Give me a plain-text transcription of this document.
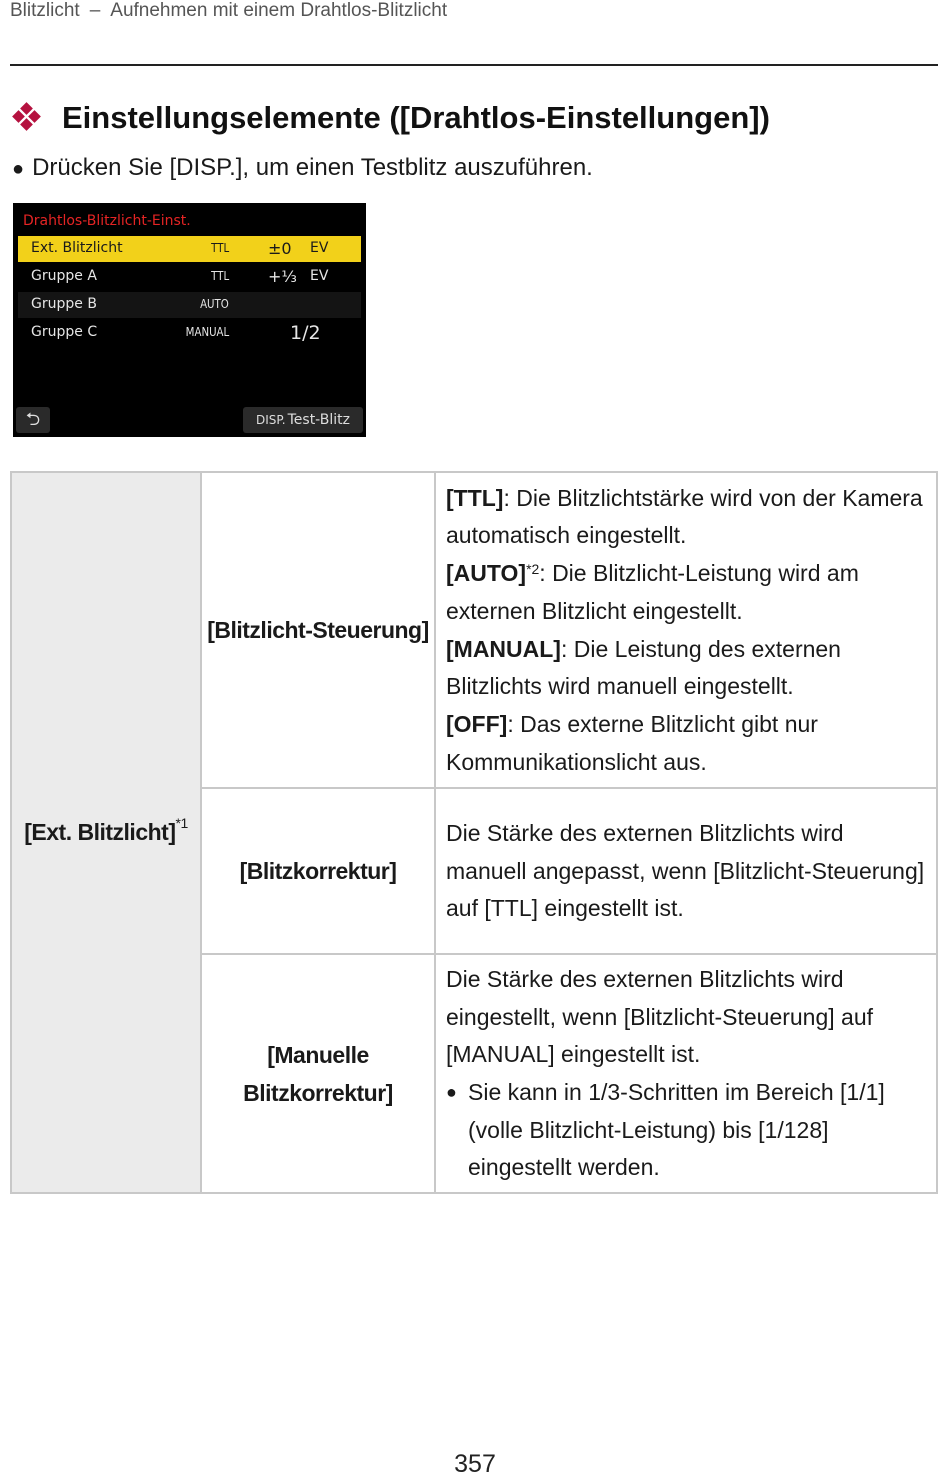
Blitzlicht – Aufnehmen mit einem Drahtlos-Blitzlicht
Einstellungselemente ([Drahtlos-Einstellungen])
● Drücken Sie [DISP.], um einen Testblitz auszuführen.
Drahtlos-Blitzlicht-Einst.
Ext. Blitzlicht	TTL ±0 EV
Gruppe A	TTL +⅓ EV
Gruppe B	AUTO
Gruppe C	MANUAL	1/2
⮌	DISP. Test-Blitz
[Ext. Blitzlicht]$^{*1}$	[Blitzlicht-Steuerung]	[TTL]: Die Blitzlichtstärke wird von der Kamera automatisch eingestellt.
[AUTO]$^{*2}$: Die Blitzlicht-Leistung wird am externen Blitzlicht eingestellt.
[MANUAL]: Die Leistung des externen Blitzlichts wird manuell eingestellt.
[OFF]: Das externe Blitzlicht gibt nur Kommunikationslicht aus.

	[Blitzkorrektur]	Die Stärke des externen Blitzlichts wird manuell angepasst, wenn [Blitzlicht-Steuerung] auf [TTL] eingestellt ist.

	[Manuelle
Blitzkorrektur]	Die Stärke des externen Blitzlichts wird eingestellt, wenn [Blitzlicht-Steuerung] auf [MANUAL] eingestellt ist.
● Sie kann in 1/3-Schritten im Bereich [1/1] (volle Blitzlicht-Leistung) bis [1/128] eingestellt werden.
357
